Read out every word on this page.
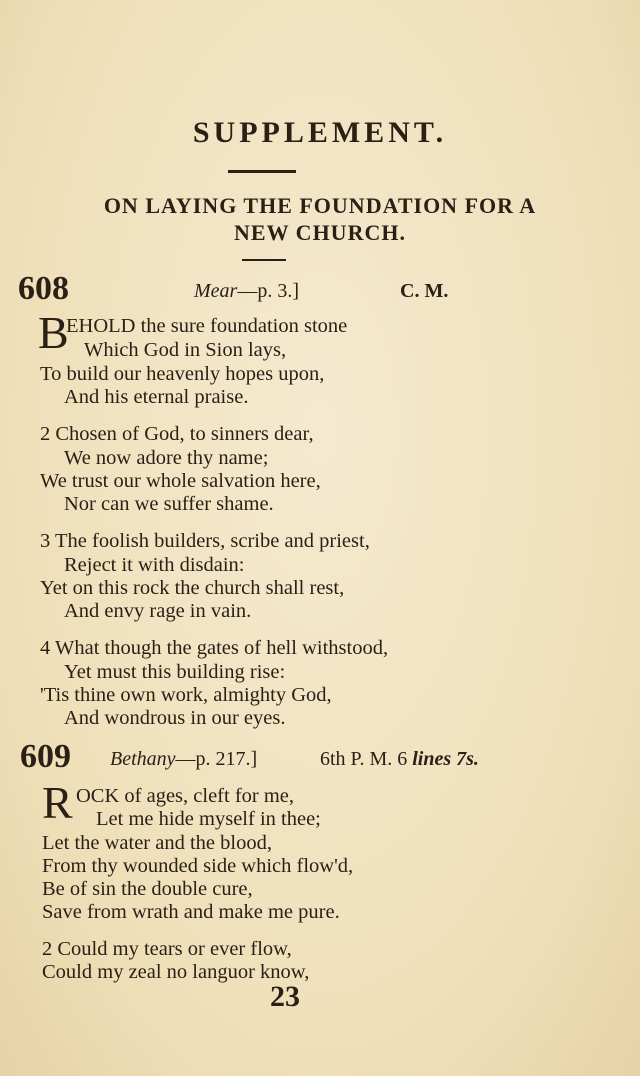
SUPPLEMENT.
ON LAYING THE FOUNDATION FOR A
NEW CHURCH.
608	Mear—p. 3.]	C. M.
B
EHOLD the sure foundation stone
Which God in Sion lays,
To build our heavenly hopes upon,
And his eternal praise.
2 Chosen of God, to sinners dear,
We now adore thy name;
We trust our whole salvation here,
Nor can we suffer shame.
3 The foolish builders, scribe and priest,
Reject it with disdain:
Yet on this rock the church shall rest,
And envy rage in vain.
4 What though the gates of hell withstood,
Yet must this building rise:
'Tis thine own work, almighty God,
And wondrous in our eyes.
609 Bethany—p. 217.]	6th P. M. 6 lines 7s.
R OCK of ages, cleft for me,
Let me hide myself in thee;
Let the water and the blood,
From thy wounded side which flow'd,
Be of sin the double cure,
Save from wrath and make me pure.
2 Could my tears or ever flow,
Could my zeal no languor know,
23
